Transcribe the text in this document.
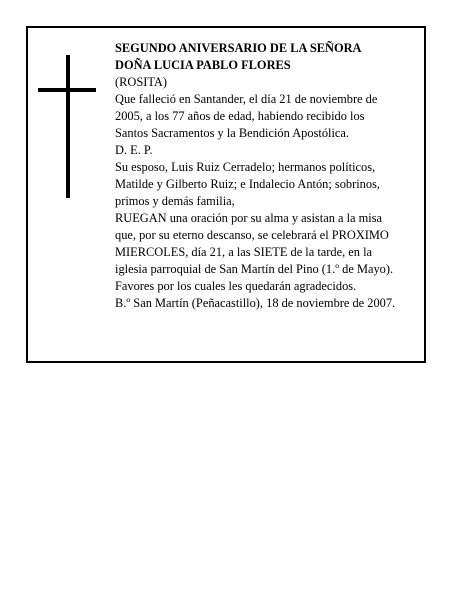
SEGUNDO ANIVERSARIO DE LA SEÑORA
DOÑA LUCIA PABLO FLORES
(ROSITA)
Que falleció en Santander, el día 21 de noviembre de
2005, a los 77 años de edad, habiendo recibido los
Santos Sacramentos y la Bendición Apostólica.
D. E. P.
Su esposo, Luis Ruiz Cerradelo; hermanos políticos,
Matilde y Gilberto Ruiz; e Indalecio Antón; sobrinos,
primos y demás familia,
RUEGAN una oración por su alma y asistan a la misa
que, por su eterno descanso, se celebrará el PROXIMO
MIERCOLES, día 21, a las SIETE de la tarde, en la
iglesia parroquial de San Martín del Pino (1.º de Mayo).
Favores por los cuales les quedarán agradecidos.
B.º San Martín (Peñacastillo), 18 de noviembre de 2007.
